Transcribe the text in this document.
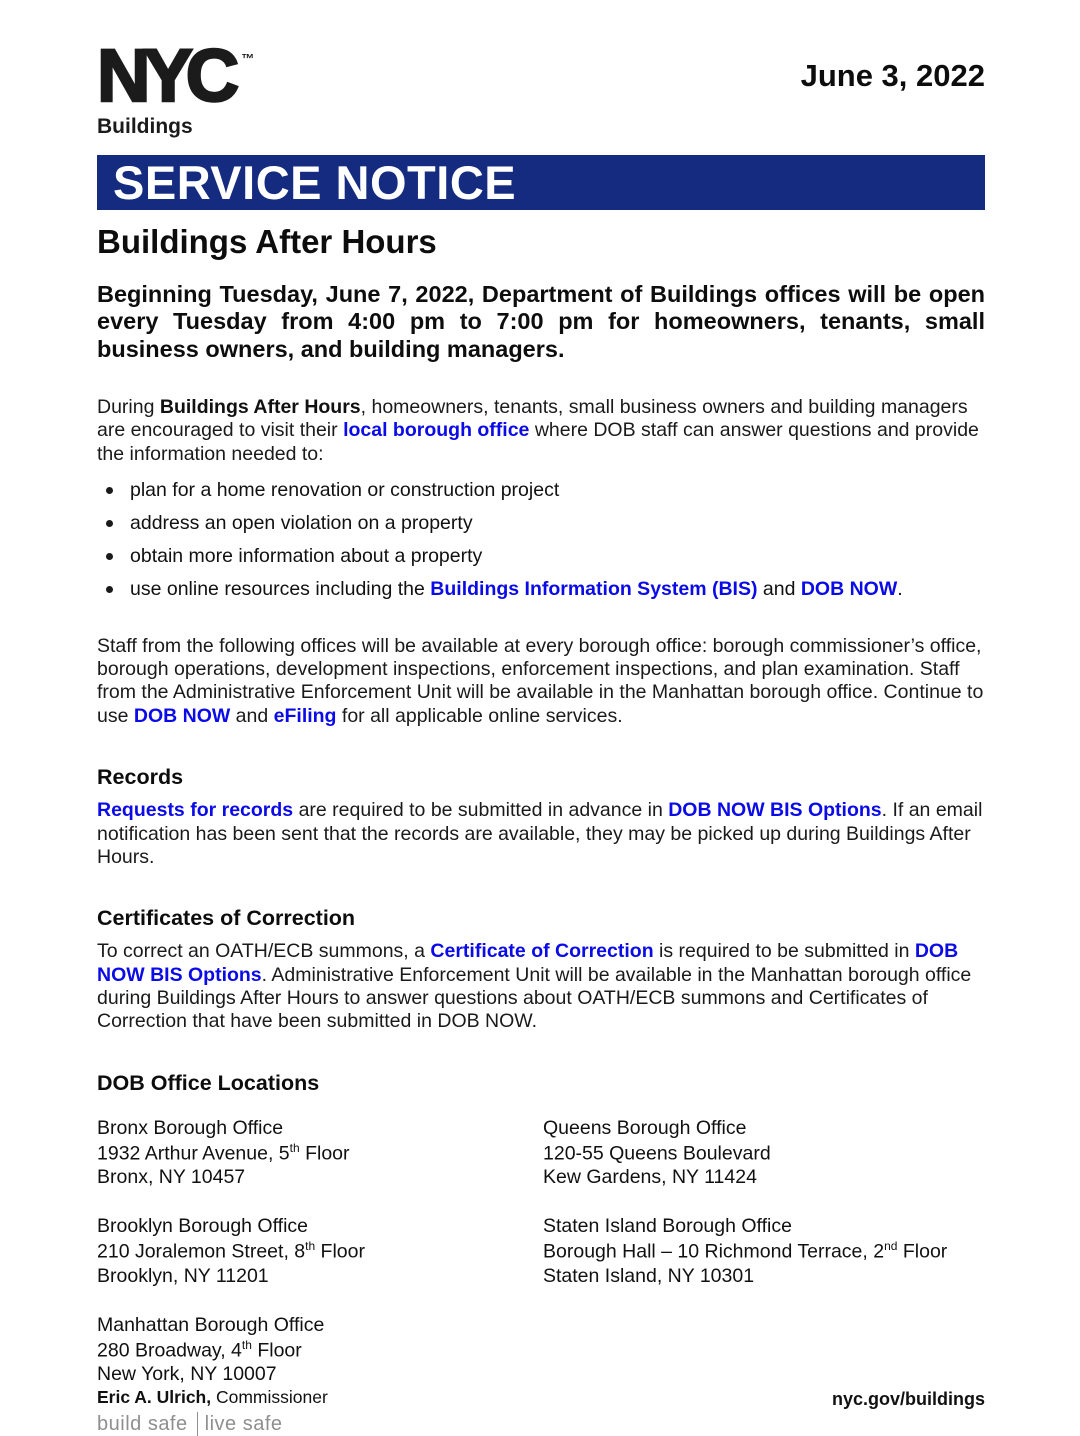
NYC ™
Buildings
June 3, 2022
SERVICE NOTICE
Buildings After Hours

Beginning Tuesday, June 7, 2022, Department of Buildings offices will be open every Tuesday from 4:00 pm to 7:00 pm for homeowners, tenants, small business owners, and building managers.

During Buildings After Hours, homeowners, tenants, small business owners and building managers are encouraged to visit their local borough office where DOB staff can answer questions and provide the information needed to:

plan for a home renovation or construction project
address an open violation on a property
obtain more information about a property
use online resources including the Buildings Information System (BIS) and DOB NOW.

Staff from the following offices will be available at every borough office: borough commissioner’s office, borough operations, development inspections, enforcement inspections, and plan examination. Staff from the Administrative Enforcement Unit will be available in the Manhattan borough office. Continue to use DOB NOW and eFiling for all applicable online services.

Records

Requests for records are required to be submitted in advance in DOB NOW BIS Options. If an email notification has been sent that the records are available, they may be picked up during Buildings After Hours.

Certificates of Correction

To correct an OATH/ECB summons, a Certificate of Correction is required to be submitted in DOB NOW BIS Options. Administrative Enforcement Unit will be available in the Manhattan borough office during Buildings After Hours to answer questions about OATH/ECB summons and Certificates of Correction that have been submitted in DOB NOW.

DOB Office Locations
Bronx Borough Office
1932 Arthur Avenue, 5th Floor
Bronx, NY 10457
Queens Borough Office
120-55 Queens Boulevard
Kew Gardens, NY 11424
Brooklyn Borough Office
210 Joralemon Street, 8th Floor
Brooklyn, NY 11201
Staten Island Borough Office
Borough Hall – 10 Richmond Terrace, 2nd Floor
Staten Island, NY 10301
Manhattan Borough Office
280 Broadway, 4th Floor
New York, NY 10007
Eric A. Ulrich, Commissioner
build safe live safe
nyc.gov/buildings
